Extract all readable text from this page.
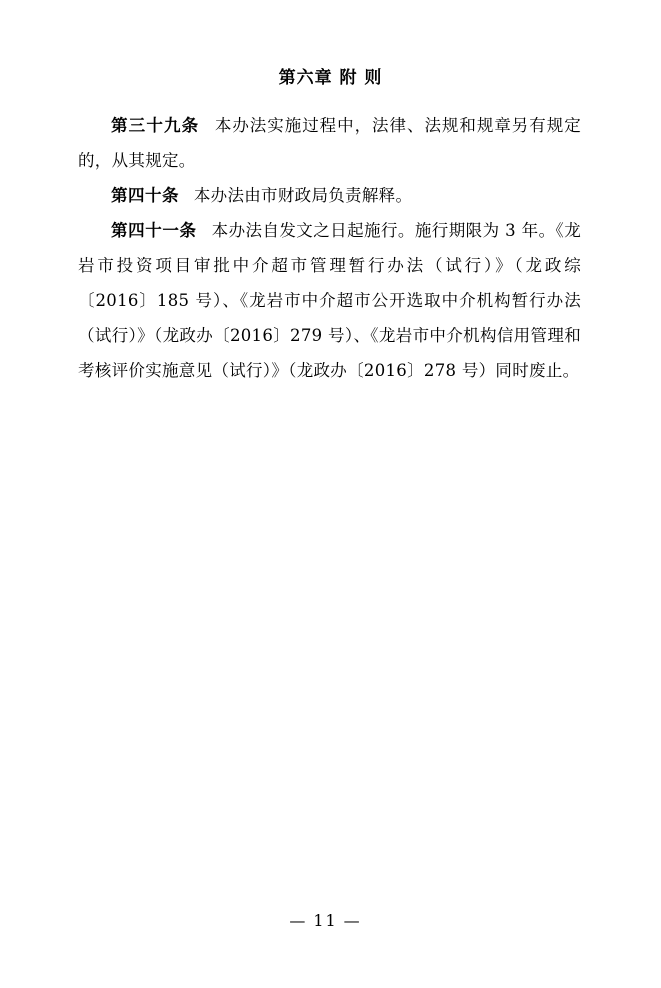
第六章 附 则

第三十九条 本办法实施过程中，法律、法规和规章另有规定的，从其规定。

第四十条 本办法由市财政局负责解释。

第四十一条 本办法自发文之日起施行。施行期限为 3 年。《龙岩市投资项目审批中介超市管理暂行办法（试行）》（龙政综〔2016〕185 号）、《龙岩市中介超市公开选取中介机构暂行办法（试行）》（龙政办〔2016〕279 号）、《龙岩市中介机构信用管理和考核评价实施意见（试行）》（龙政办〔2016〕278 号）同时废止。

— 11 —
